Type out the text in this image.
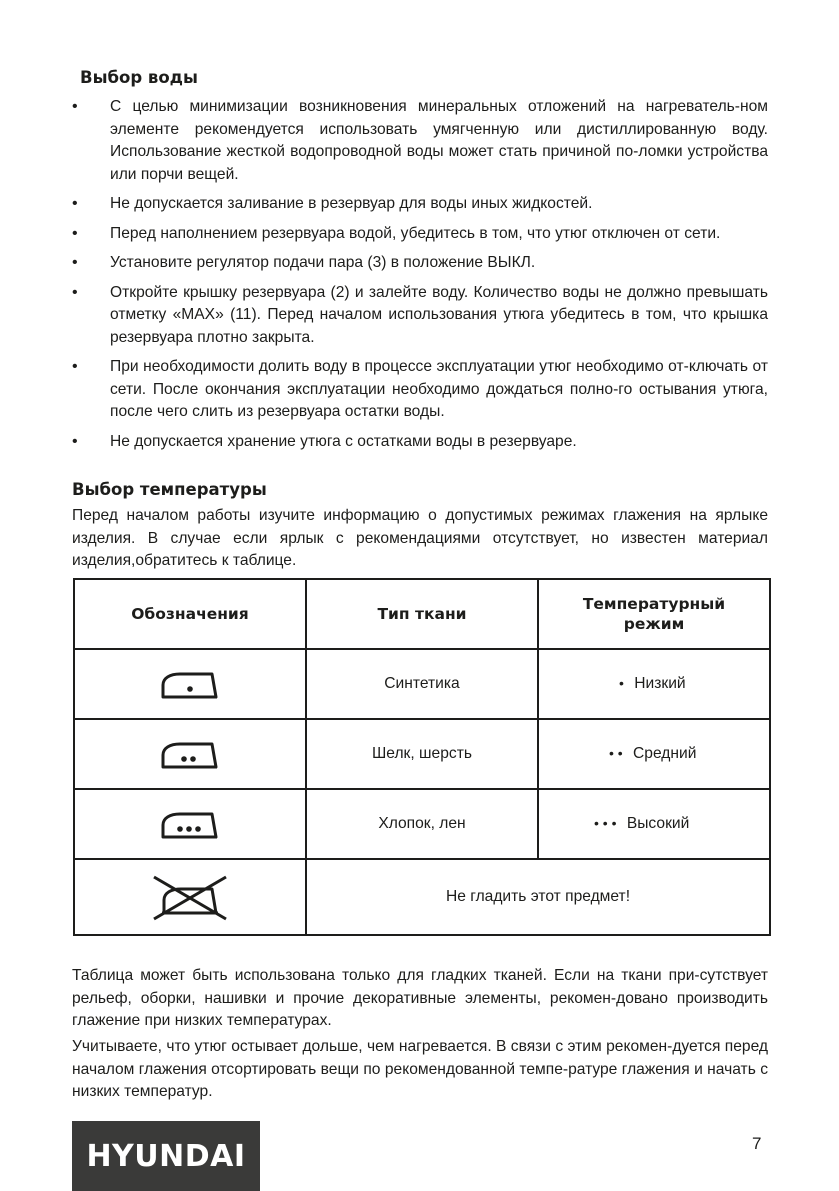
Выбор воды
• С целью минимизации возникновения минеральных отложений на нагреватель-ном элементе рекомендуется использовать умягченную или дистиллированную воду. Использование жесткой водопроводной воды может стать причиной по-ломки устройства или порчи вещей.
• Не допускается заливание в резервуар для воды иных жидкостей.
• Перед наполнением резервуара водой, убедитесь в том, что утюг отключен от сети.
• Установите регулятор подачи пара (3) в положение ВЫКЛ.
• Откройте крышку резервуара (2) и залейте воду. Количество воды не должно превышать отметку «MAX» (11). Перед началом использования утюга убедитесь в том, что крышка резервуара плотно закрыта.
• При необходимости долить воду в процессе эксплуатации утюг необходимо от-ключать от сети. После окончания эксплуатации необходимо дождаться полно-го остывания утюга, после чего слить из резервуара остатки воды.
• Не допускается хранение утюга с остатками воды в резервуаре.
Выбор температуры
Перед началом работы изучите информацию о допустимых режимах глажения на ярлыке изделия. В случае если ярлык с рекомендациями отсутствует, но известен материал изделия,обратитесь к таблице.
Обозначения	Тип ткани	Температурный режим

	Синтетика	• Низкий

	Шелк, шерсть	• • Средний

	Хлопок, лен	• • • Высокий

	Не гладить этот предмет!	
Таблица может быть использована только для гладких тканей. Если на ткани при-сутствует рельеф, оборки, нашивки и прочие декоративные элементы, рекомен-довано производить глажение при низких температурах.
Учитываете, что утюг остывает дольше, чем нагревается. В связи с этим рекомен-дуется перед началом глажения отсортировать вещи по рекомендованной темпе-ратуре глажения и начать с низких температур.
HYUNDAI	7
